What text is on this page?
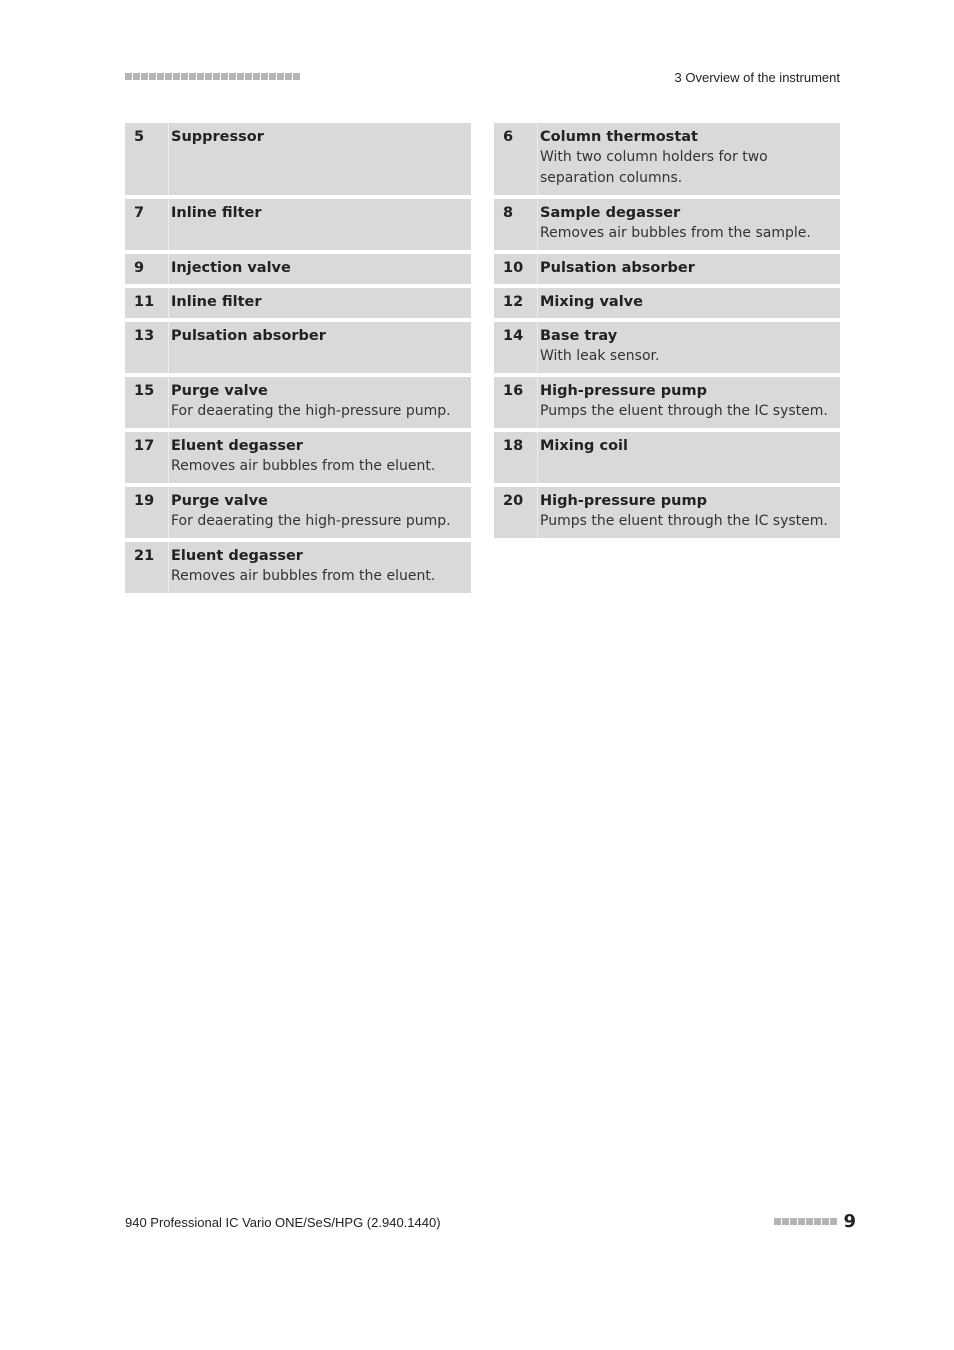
3 Overview of the instrument
5	Suppressor	6	Column thermostat
With two column holders for two separation columns.
7	Inline filter	8	Sample degasser
Removes air bubbles from the sample.
9	Injection valve	10	Pulsation absorber
11	Inline filter	12	Mixing valve
13	Pulsation absorber	14	Base tray
With leak sensor.
15	Purge valve
For deaerating the high-pressure pump.
16	High-pressure pump
Pumps the eluent through the IC system.
17	Eluent degasser
Removes air bubbles from the eluent.
18	Mixing coil
19	Purge valve
For deaerating the high-pressure pump.
20	High-pressure pump
Pumps the eluent through the IC system.
21	Eluent degasser
Removes air bubbles from the eluent.
940 Professional IC Vario ONE/SeS/HPG (2.940.1440)	9
